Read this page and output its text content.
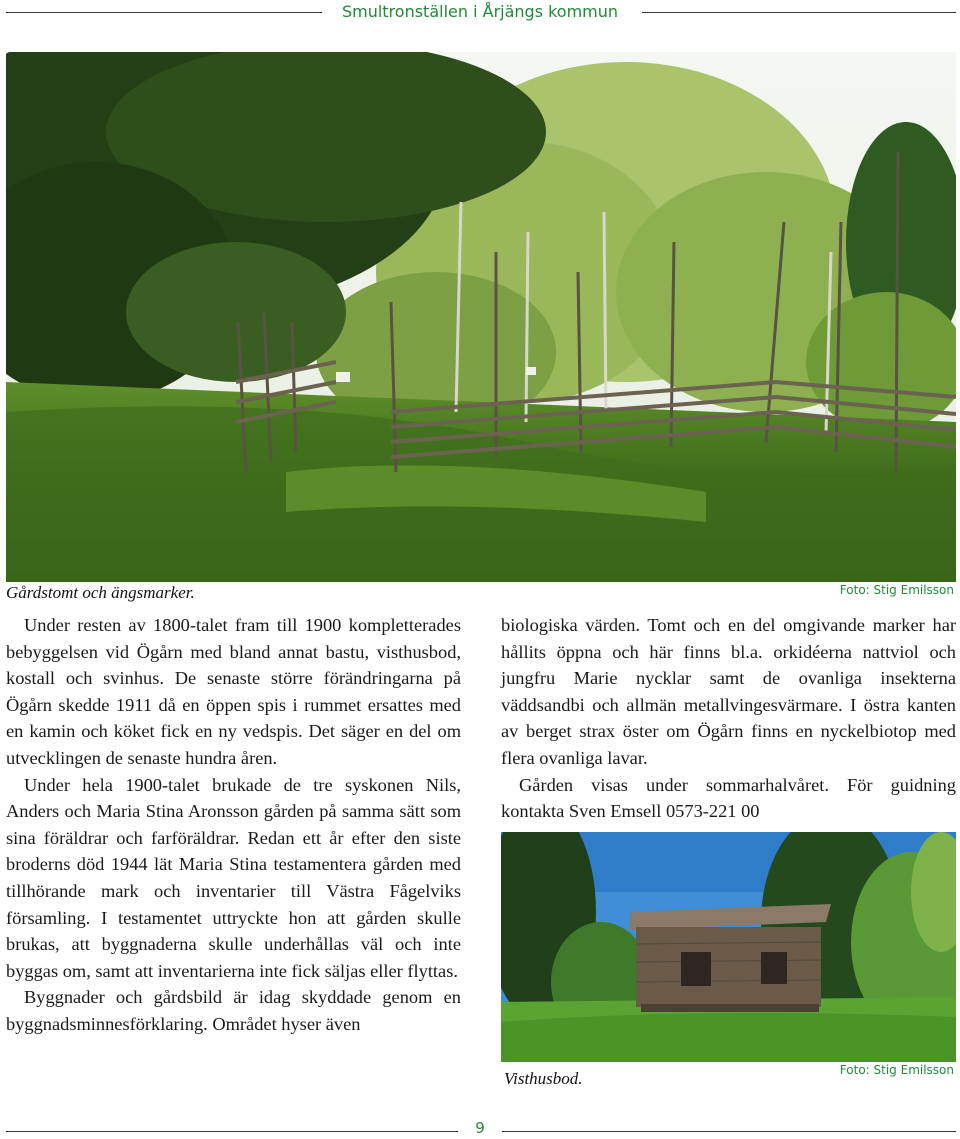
Smultronställen i Årjängs kommun
Gårdstomt och ängsmarker.	Foto: Stig Emilsson

Under resten av 1800-talet fram till 1900 kompletterades bebyggelsen vid Ögårn med bland annat bastu, visthusbod, kostall och svinhus. De senaste större förändringarna på Ögårn skedde 1911 då en öppen spis i rummet ersattes med en kamin och köket fick en ny vedspis. Det säger en del om utvecklingen de senaste hundra åren.

Under hela 1900-talet brukade de tre syskonen Nils, Anders och Maria Stina Aronsson gården på samma sätt som sina föräldrar och farföräldrar. Redan ett år efter den siste broderns död 1944 lät Maria Stina testamentera gården med tillhörande mark och inventarier till Västra Fågelviks församling. I testamentet uttryckte hon att gården skulle brukas, att byggnaderna skulle underhållas väl och inte byggas om, samt att inventarierna inte fick säljas eller flyttas.

Byggnader och gårdsbild är idag skyddade genom en byggnadsminnesförklaring. Området hyser även

biologiska värden. Tomt och en del omgivande marker har hållits öppna och här finns bl.a. orkidéerna nattviol och jungfru Marie nycklar samt de ovanliga insekterna väddsandbi och allmän metallvingesvärmare. I östra kanten av berget strax öster om Ögårn finns en nyckelbiotop med flera ovanliga lavar.

Gården visas under sommarhalvåret. För guidning kontakta Sven Emsell 0573-221 00

Visthusbod.	Foto: Stig Emilsson
9
